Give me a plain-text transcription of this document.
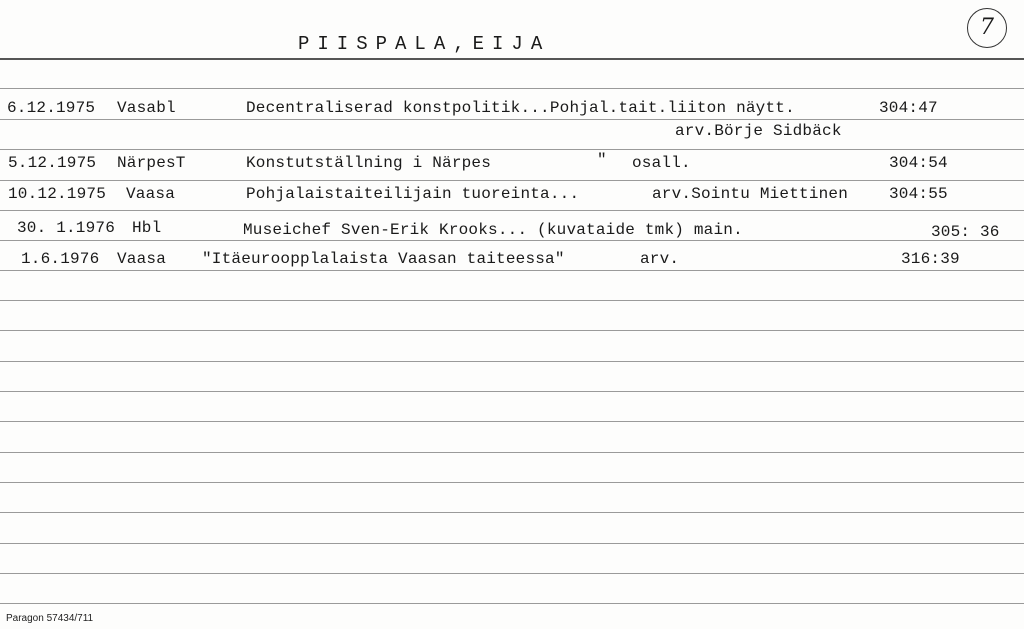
PIISPALA,EIJA
7
6.12.1975 Vasabl	Decentraliserad konstpolitik...Pohjal.tait.liiton näytt.	304:47
arv.Börje Sidbäck
5.12.1975 NärpesT	Konstutställning i Närpes	" osall.	304:54
10.12.1975 Vaasa	Pohjalaistaiteilijain tuoreinta...	arv.Sointu Miettinen	304:55
30. 1.1976 Hbl	Museichef Sven-Erik Krooks... (kuvataide tmk) main.	305: 36
1.6.1976 Vaasa "Itäeuroopplalaista Vaasan taiteessa"	arv.	316:39
Paragon 57434/711
